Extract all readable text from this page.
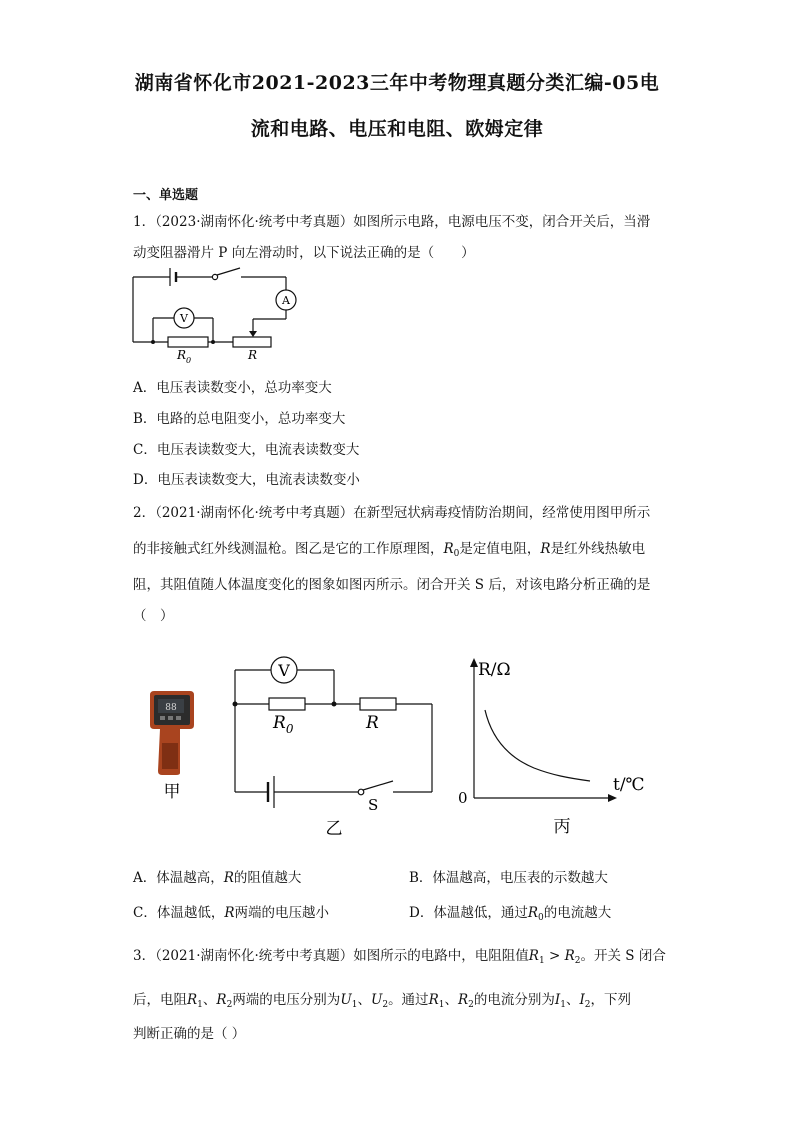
湖南省怀化市2021-2023三年中考物理真题分类汇编-05电
流和电路、电压和电阻、欧姆定律
一、单选题
1．（2023·湖南怀化·统考中考真题）如图所示电路，电源电压不变，闭合开关后，当滑
动变阻器滑片 P 向左滑动时，以下说法正确的是（　　）
A
V
$R_0$	R
A．电压表读数变小，总功率变大
B．电路的总电阻变小，总功率变大
C．电压表读数变大，电流表读数变大
D．电压表读数变大，电流表读数变小
2．（2021·湖南怀化·统考中考真题）在新型冠状病毒疫情防治期间，经常使用图甲所示
的非接触式红外线测温枪。图乙是它的工作原理图，$R_0$是定值电阻，R是红外线热敏电
阻，其阻值随人体温度变化的图象如图丙所示。闭合开关 S 后，对该电路分析正确的是
（　）
88
甲
V
$R_0$	R
S
乙
R/Ω
t/℃
0
丙
A．体温越高，R的阻值越大	B．体温越高，电压表的示数越大
C．体温越低，R两端的电压越小	D．体温越低，通过$R_0$的电流越大
3．（2021·湖南怀化·统考中考真题）如图所示的电路中，电阻阻值$R_1 > R_2$。开关 S 闭合
后，电阻$R_1$、$R_2$两端的电压分别为$U_1$、$U_2$。通过$R_1$、$R_2$的电流分别为$I_1$、$I_2$，下列
判断正确的是（ ）
